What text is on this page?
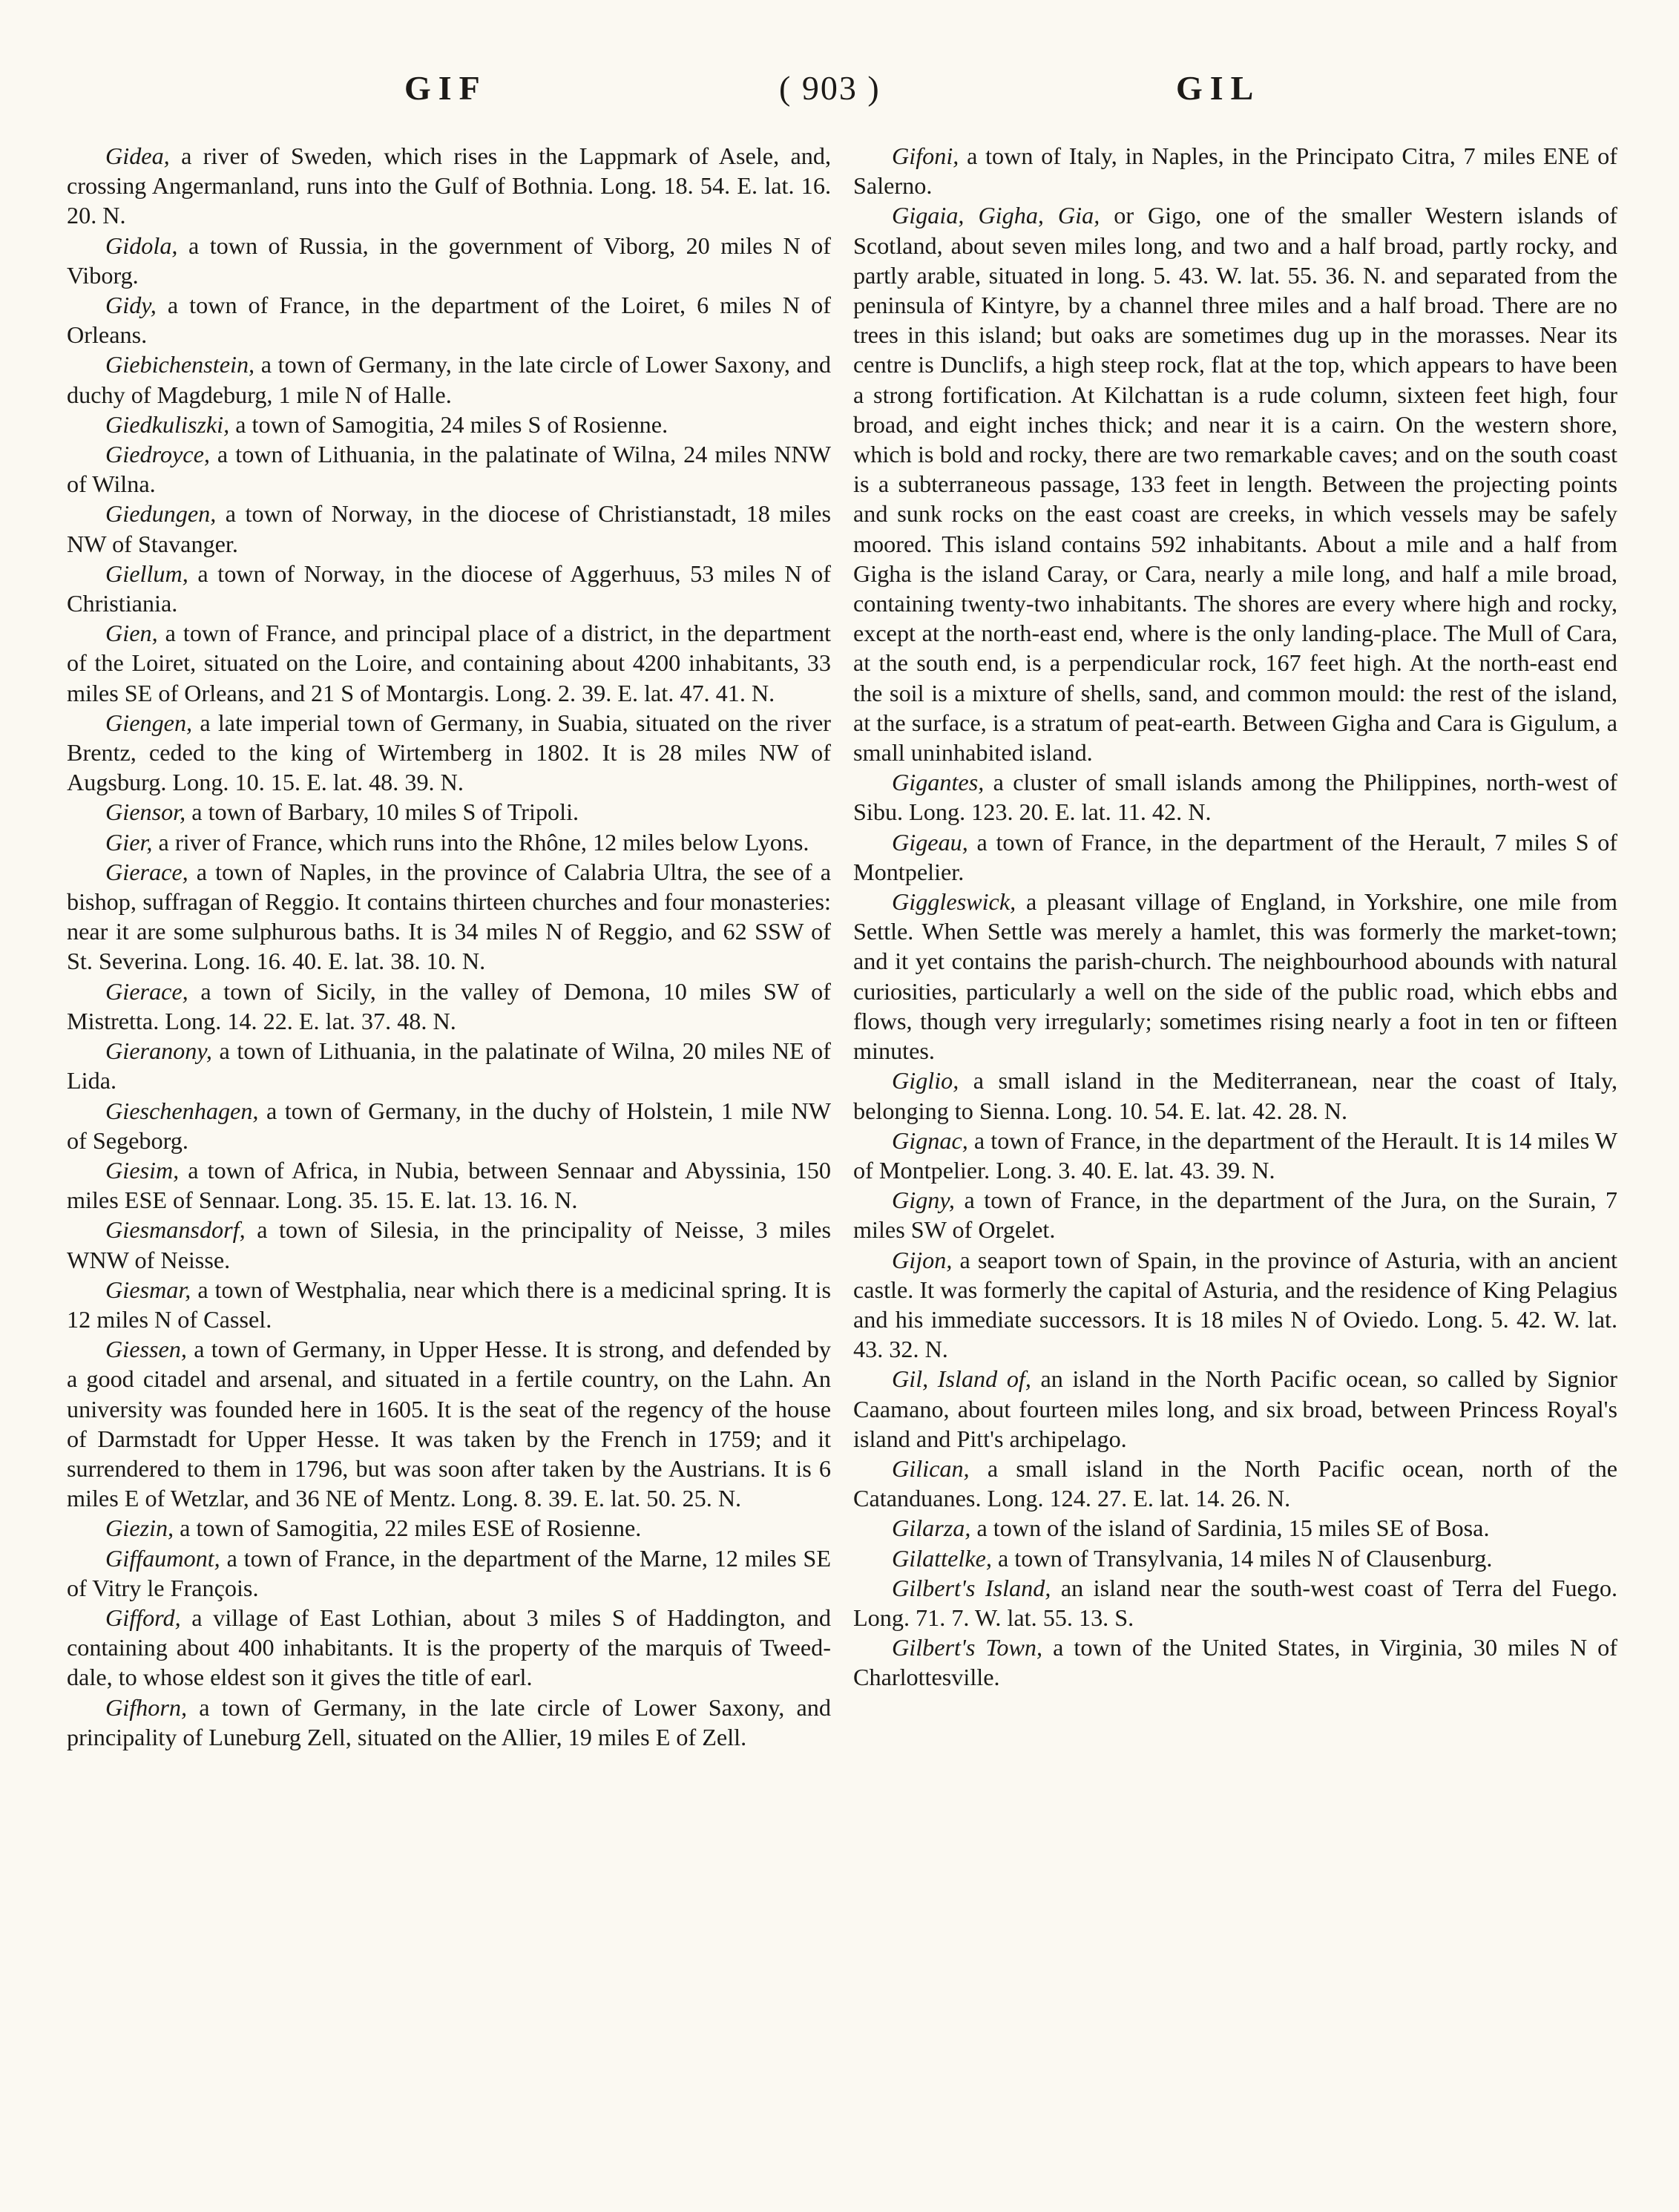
GIF	( 903 )	GIL

Gidea, a river of Sweden, which rises in the Lappmark of Asele, and, crossing Angermanland, runs into the Gulf of Bothnia. Long. 18. 54. E. lat. 16. 20. N.

Gidola, a town of Russia, in the government of Viborg, 20 miles N of Viborg.

Gidy, a town of France, in the department of the Loiret, 6 miles N of Orleans.

Giebichenstein, a town of Germany, in the late circle of Lower Saxony, and duchy of Magdeburg, 1 mile N of Halle.

Giedkuliszki, a town of Samogitia, 24 miles S of Rosienne.

Giedroyce, a town of Lithuania, in the palatinate of Wilna, 24 miles NNW of Wilna.

Giedungen, a town of Norway, in the diocese of Christianstadt, 18 miles NW of Stavanger.

Giellum, a town of Norway, in the diocese of Aggerhuus, 53 miles N of Christiania.

Gien, a town of France, and principal place of a district, in the department of the Loiret, situated on the Loire, and containing about 4200 inhabitants, 33 miles SE of Orleans, and 21 S of Montargis. Long. 2. 39. E. lat. 47. 41. N.

Giengen, a late imperial town of Germany, in Suabia, situated on the river Brentz, ceded to the king of Wirtemberg in 1802. It is 28 miles NW of Augsburg. Long. 10. 15. E. lat. 48. 39. N.

Giensor, a town of Barbary, 10 miles S of Tripoli.

Gier, a river of France, which runs into the Rhône, 12 miles below Lyons.

Gierace, a town of Naples, in the province of Calabria Ultra, the see of a bishop, suffragan of Reggio. It contains thirteen churches and four monasteries: near it are some sulphurous baths. It is 34 miles N of Reggio, and 62 SSW of St. Severina. Long. 16. 40. E. lat. 38. 10. N.

Gierace, a town of Sicily, in the valley of Demona, 10 miles SW of Mistretta. Long. 14. 22. E. lat. 37. 48. N.

Gieranony, a town of Lithuania, in the palatinate of Wilna, 20 miles NE of Lida.

Gieschenhagen, a town of Germany, in the duchy of Holstein, 1 mile NW of Segeborg.

Giesim, a town of Africa, in Nubia, between Sennaar and Abyssinia, 150 miles ESE of Sennaar. Long. 35. 15. E. lat. 13. 16. N.

Giesmansdorf, a town of Silesia, in the principality of Neisse, 3 miles WNW of Neisse.

Giesmar, a town of Westphalia, near which there is a medicinal spring. It is 12 miles N of Cassel.

Giessen, a town of Germany, in Upper Hesse. It is strong, and defended by a good citadel and arsenal, and situated in a fertile country, on the Lahn. An university was founded here in 1605. It is the seat of the regency of the house of Darmstadt for Upper Hesse. It was taken by the French in 1759; and it surrendered to them in 1796, but was soon after taken by the Austrians. It is 6 miles E of Wetzlar, and 36 NE of Mentz. Long. 8. 39. E. lat. 50. 25. N.

Giezin, a town of Samogitia, 22 miles ESE of Rosienne.

Giffaumont, a town of France, in the department of the Marne, 12 miles SE of Vitry le François.

Gifford, a village of East Lothian, about 3 miles S of Haddington, and containing about 400 inhabitants. It is the property of the marquis of Tweed-dale, to whose eldest son it gives the title of earl.

Gifhorn, a town of Germany, in the late circle of Lower Saxony, and principality of Luneburg Zell, situated on the Allier, 19 miles E of Zell.

Gifoni, a town of Italy, in Naples, in the Principato Citra, 7 miles ENE of Salerno.

Gigaia, Gigha, Gia, or Gigo, one of the smaller Western islands of Scotland, about seven miles long, and two and a half broad, partly rocky, and partly arable, situated in long. 5. 43. W. lat. 55. 36. N. and separated from the peninsula of Kintyre, by a channel three miles and a half broad. There are no trees in this island; but oaks are sometimes dug up in the morasses. Near its centre is Dunclifs, a high steep rock, flat at the top, which appears to have been a strong fortification. At Kilchattan is a rude column, sixteen feet high, four broad, and eight inches thick; and near it is a cairn. On the western shore, which is bold and rocky, there are two remarkable caves; and on the south coast is a subterraneous passage, 133 feet in length. Between the projecting points and sunk rocks on the east coast are creeks, in which vessels may be safely moored. This island contains 592 inhabitants. About a mile and a half from Gigha is the island Caray, or Cara, nearly a mile long, and half a mile broad, containing twenty-two inhabitants. The shores are every where high and rocky, except at the north-east end, where is the only landing-place. The Mull of Cara, at the south end, is a perpendicular rock, 167 feet high. At the north-east end the soil is a mixture of shells, sand, and common mould: the rest of the island, at the surface, is a stratum of peat-earth. Between Gigha and Cara is Gigulum, a small uninhabited island.

Gigantes, a cluster of small islands among the Philippines, north-west of Sibu. Long. 123. 20. E. lat. 11. 42. N.

Gigeau, a town of France, in the department of the Herault, 7 miles S of Montpelier.

Giggleswick, a pleasant village of England, in Yorkshire, one mile from Settle. When Settle was merely a hamlet, this was formerly the market-town; and it yet contains the parish-church. The neighbourhood abounds with natural curiosities, particularly a well on the side of the public road, which ebbs and flows, though very irregularly; sometimes rising nearly a foot in ten or fifteen minutes.

Giglio, a small island in the Mediterranean, near the coast of Italy, belonging to Sienna. Long. 10. 54. E. lat. 42. 28. N.

Gignac, a town of France, in the department of the Herault. It is 14 miles W of Montpelier. Long. 3. 40. E. lat. 43. 39. N.

Gigny, a town of France, in the department of the Jura, on the Surain, 7 miles SW of Orgelet.

Gijon, a seaport town of Spain, in the province of Asturia, with an ancient castle. It was formerly the capital of Asturia, and the residence of King Pelagius and his immediate successors. It is 18 miles N of Oviedo. Long. 5. 42. W. lat. 43. 32. N.

Gil, Island of, an island in the North Pacific ocean, so called by Signior Caamano, about fourteen miles long, and six broad, between Princess Royal's island and Pitt's archipelago.

Gilican, a small island in the North Pacific ocean, north of the Catanduanes. Long. 124. 27. E. lat. 14. 26. N.

Gilarza, a town of the island of Sardinia, 15 miles SE of Bosa.

Gilattelke, a town of Transylvania, 14 miles N of Clausenburg.

Gilbert's Island, an island near the south-west coast of Terra del Fuego. Long. 71. 7. W. lat. 55. 13. S.

Gilbert's Town, a town of the United States, in Virginia, 30 miles N of Charlottesville.
